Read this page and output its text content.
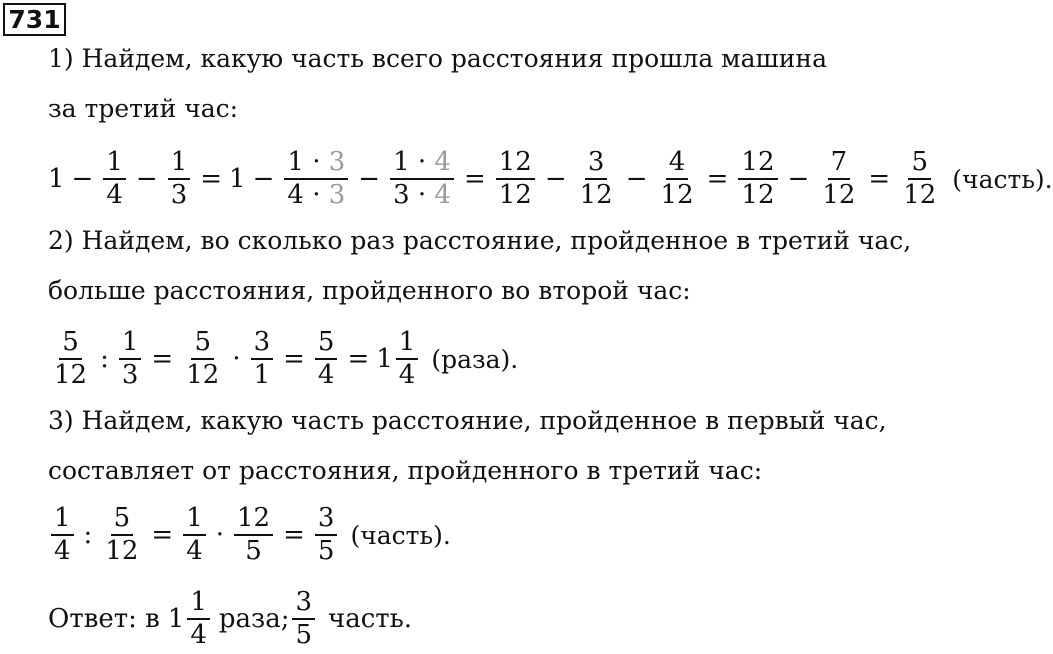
731
1) Найдем, какую часть всего расстояния прошла машина
за третий час:
$1 - \frac{1}{4} - \frac{1}{3} = 1 - \frac{1 \cdot 3}{4 \cdot 3} - \frac{1 \cdot 4}{3 \cdot 4} = \frac{12}{12} - \frac{3}{12} - \frac{4}{12} = \frac{12}{12} - \frac{7}{12} = \frac{5}{12}$ (часть).
2) Найдем, во сколько раз расстояние, пройденное в третий час,
больше расстояния, пройденного во второй час:
$\frac{5}{12}$ : $\frac{1}{3} = \frac{5}{12} \cdot \frac{3}{1} = \frac{5}{4} = 1 \frac{1}{4}$ (раза).
3) Найдем, какую часть расстояние, пройденное в первый час,
составляет от расстояния, пройденного в третий час:
$\frac{1}{4}$ : $\frac{5}{12} = \frac{1}{4} \cdot \frac{12}{5} = \frac{3}{5}$ (часть).
Ответ: в $1 \frac{1}{4}$ раза; $\frac{3}{5}$ часть.
